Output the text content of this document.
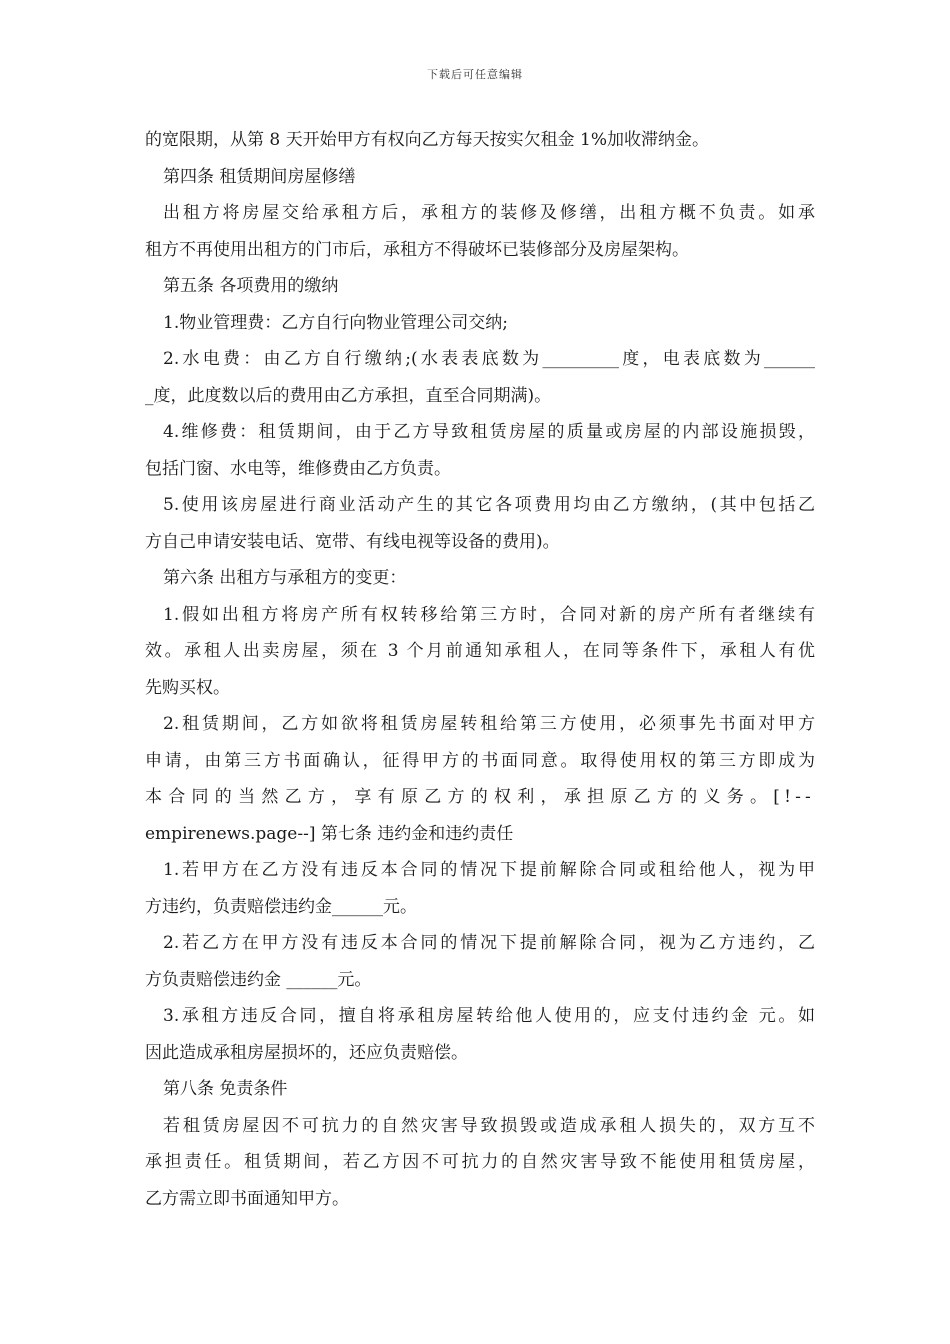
下载后可任意编辑
的宽限期，从第 8 天开始甲方有权向乙方每天按实欠租金 1%加收滞纳金。
第四条 租赁期间房屋修缮
出租方将房屋交给承租方后，承租方的装修及修缮，出租方概不负责。如承
租方不再使用出租方的门市后，承租方不得破坏已装修部分及房屋架构。
第五条 各项费用的缴纳
1.物业管理费：乙方自行向物业管理公司交纳;
2.水电费：由乙方自行缴纳;(水表表底数为_________度，电表底数为______
_度，此度数以后的费用由乙方承担，直至合同期满)。
4.维修费：租赁期间，由于乙方导致租赁房屋的质量或房屋的内部设施损毁，
包括门窗、水电等，维修费由乙方负责。
5.使用该房屋进行商业活动产生的其它各项费用均由乙方缴纳，(其中包括乙
方自己申请安装电话、宽带、有线电视等设备的费用)。
第六条 出租方与承租方的变更：
1.假如出租方将房产所有权转移给第三方时，合同对新的房产所有者继续有
效。承租人出卖房屋，须在 3 个月前通知承租人，在同等条件下，承租人有优
先购买权。
2.租赁期间，乙方如欲将租赁房屋转租给第三方使用，必须事先书面对甲方
申请，由第三方书面确认，征得甲方的书面同意。取得使用权的第三方即成为
本合同的当然乙方，享有原乙方的权利，承担原乙方的义务。[!--
empirenews.page--] 第七条 违约金和违约责任
1.若甲方在乙方没有违反本合同的情况下提前解除合同或租给他人，视为甲
方违约，负责赔偿违约金______元。
2.若乙方在甲方没有违反本合同的情况下提前解除合同，视为乙方违约，乙
方负责赔偿违约金 ______元。
3.承租方违反合同，擅自将承租房屋转给他人使用的，应支付违约金 元。如
因此造成承租房屋损坏的，还应负责赔偿。
第八条 免责条件
若租赁房屋因不可抗力的自然灾害导致损毁或造成承租人损失的，双方互不
承担责任。租赁期间，若乙方因不可抗力的自然灾害导致不能使用租赁房屋，
乙方需立即书面通知甲方。
